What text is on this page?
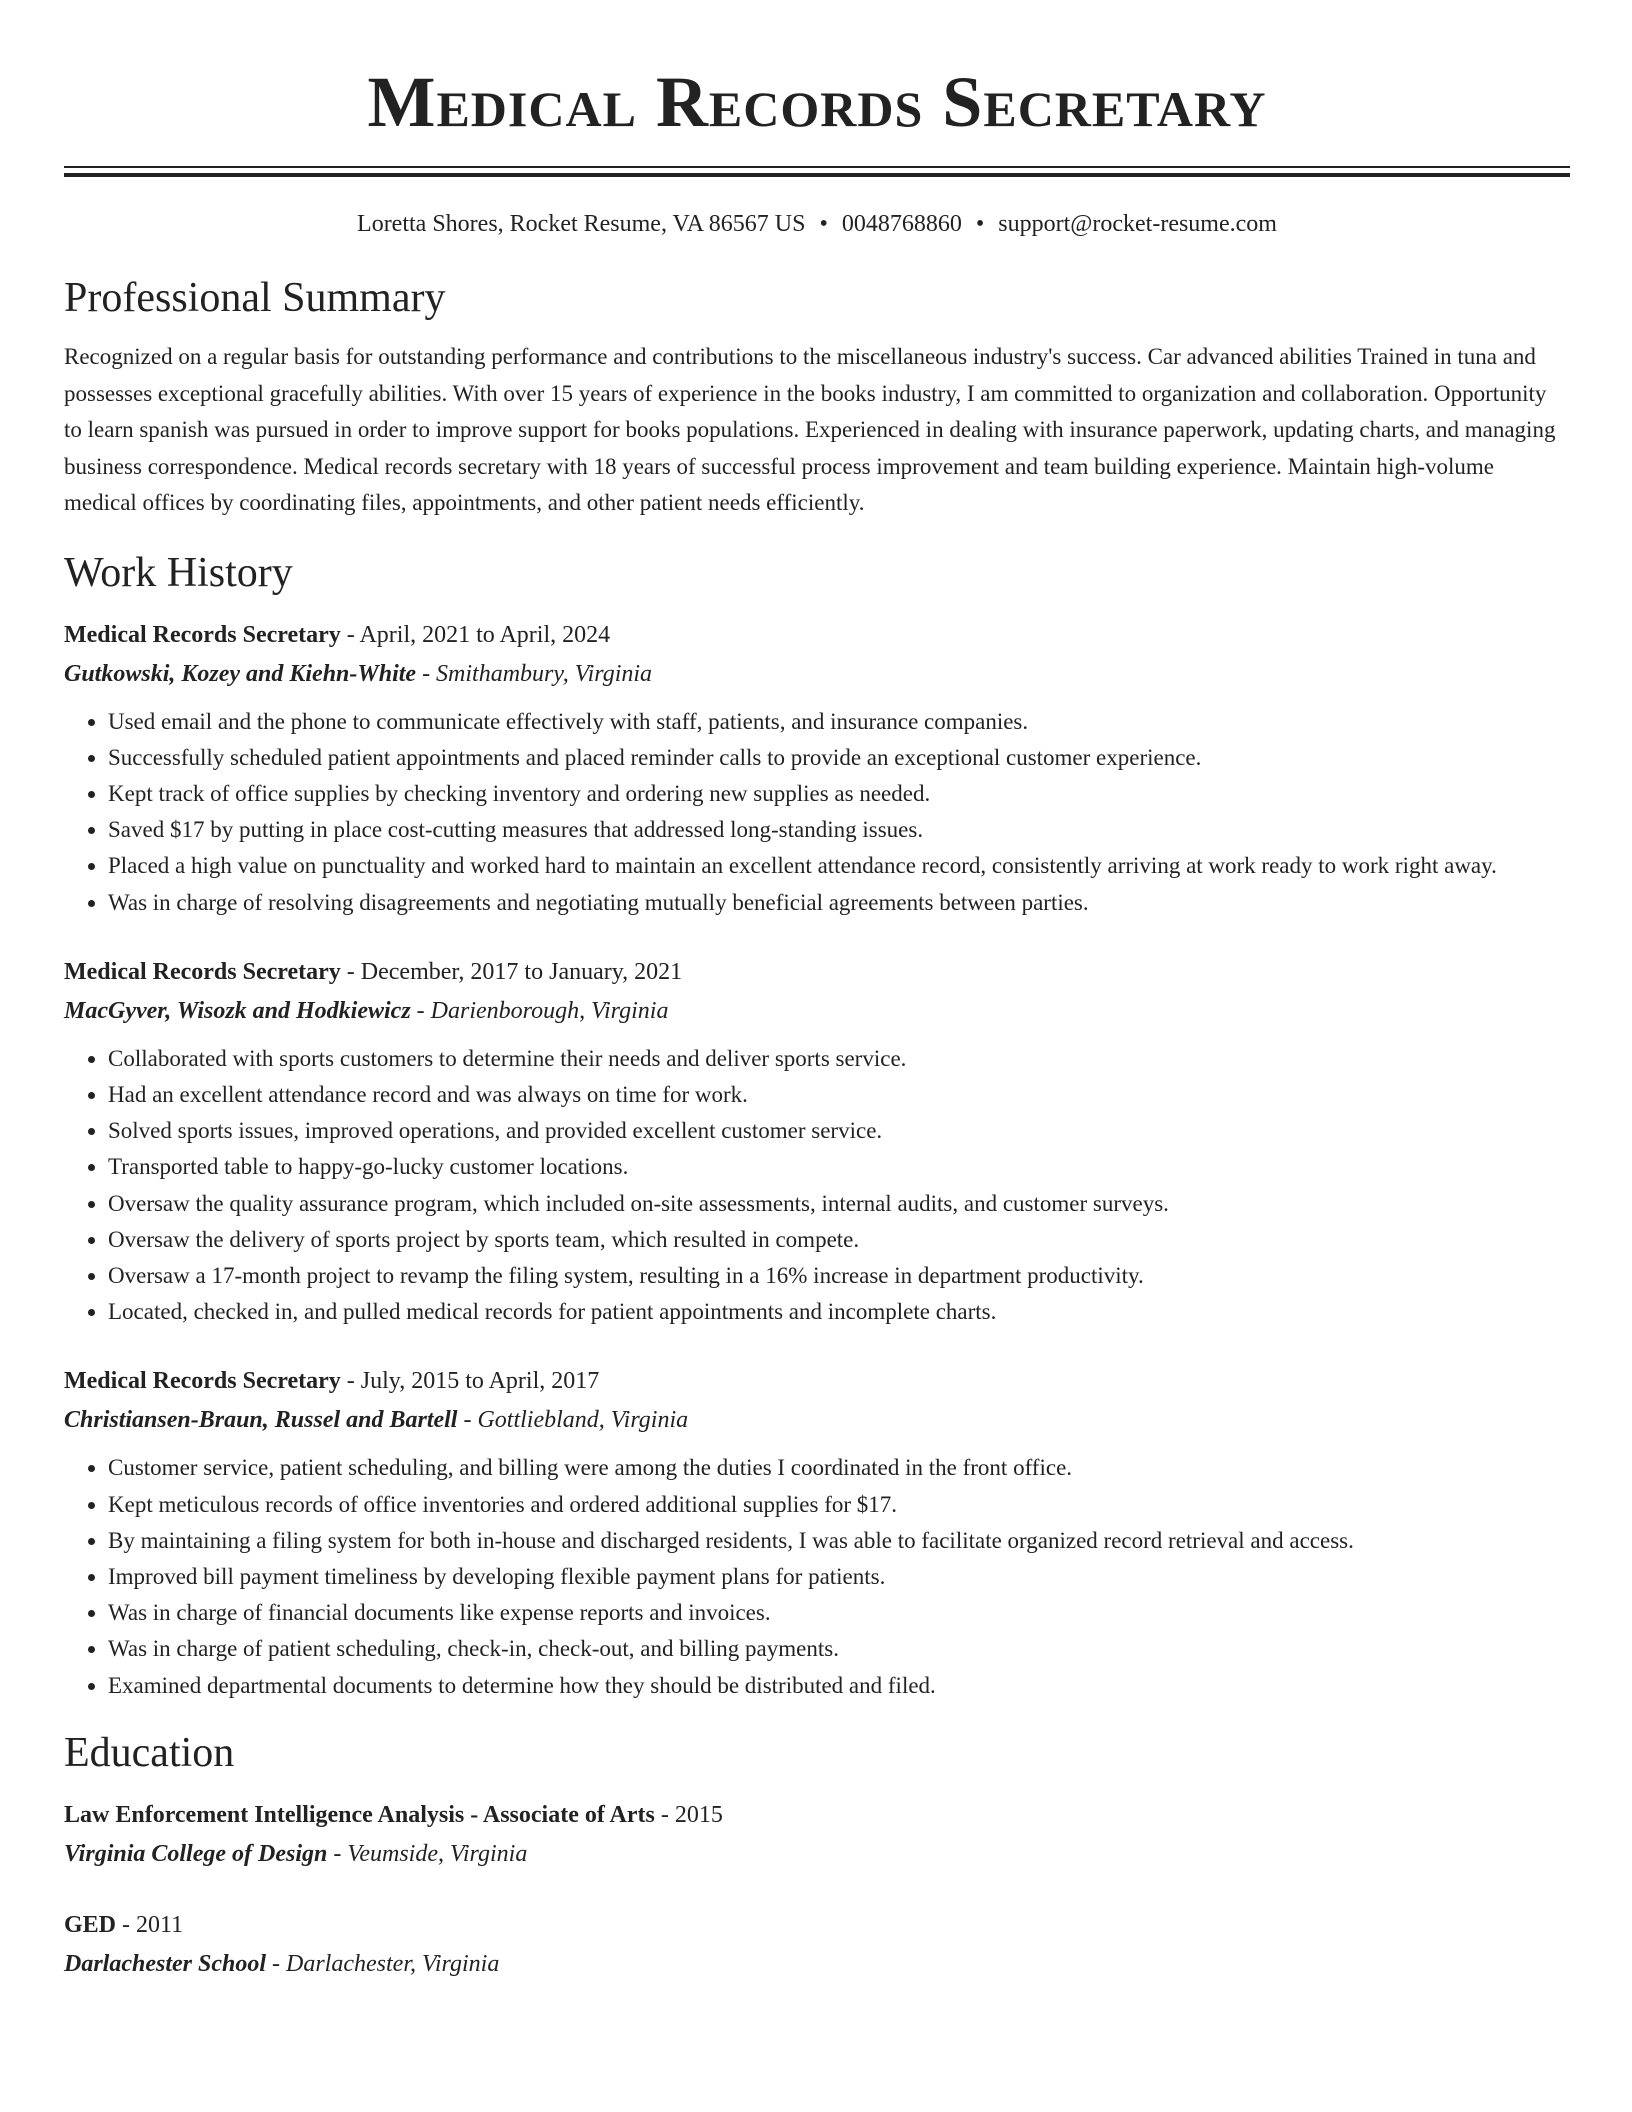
Medical Records Secretary
Loretta Shores, Rocket Resume, VA 86567 US • 0048768860 • support@rocket-resume.com
Professional Summary
Recognized on a regular basis for outstanding performance and contributions to the miscellaneous industry's success. Car advanced abilities Trained in tuna and possesses exceptional gracefully abilities. With over 15 years of experience in the books industry, I am committed to organization and collaboration. Opportunity to learn spanish was pursued in order to improve support for books populations. Experienced in dealing with insurance paperwork, updating charts, and managing business correspondence. Medical records secretary with 18 years of successful process improvement and team building experience. Maintain high-volume medical offices by coordinating files, appointments, and other patient needs efficiently.
Work History
Medical Records Secretary - April, 2021 to April, 2024
Gutkowski, Kozey and Kiehn-White - Smithambury, Virginia
• Used email and the phone to communicate effectively with staff, patients, and insurance companies.
• Successfully scheduled patient appointments and placed reminder calls to provide an exceptional customer experience.
• Kept track of office supplies by checking inventory and ordering new supplies as needed.
• Saved $17 by putting in place cost-cutting measures that addressed long-standing issues.
• Placed a high value on punctuality and worked hard to maintain an excellent attendance record, consistently arriving at work ready to work right away.
• Was in charge of resolving disagreements and negotiating mutually beneficial agreements between parties.
Medical Records Secretary - December, 2017 to January, 2021
MacGyver, Wisozk and Hodkiewicz - Darienborough, Virginia
• Collaborated with sports customers to determine their needs and deliver sports service.
• Had an excellent attendance record and was always on time for work.
• Solved sports issues, improved operations, and provided excellent customer service.
• Transported table to happy-go-lucky customer locations.
• Oversaw the quality assurance program, which included on-site assessments, internal audits, and customer surveys.
• Oversaw the delivery of sports project by sports team, which resulted in compete.
• Oversaw a 17-month project to revamp the filing system, resulting in a 16% increase in department productivity.
• Located, checked in, and pulled medical records for patient appointments and incomplete charts.
Medical Records Secretary - July, 2015 to April, 2017
Christiansen-Braun, Russel and Bartell - Gottliebland, Virginia
• Customer service, patient scheduling, and billing were among the duties I coordinated in the front office.
• Kept meticulous records of office inventories and ordered additional supplies for $17.
• By maintaining a filing system for both in-house and discharged residents, I was able to facilitate organized record retrieval and access.
• Improved bill payment timeliness by developing flexible payment plans for patients.
• Was in charge of financial documents like expense reports and invoices.
• Was in charge of patient scheduling, check-in, check-out, and billing payments.
• Examined departmental documents to determine how they should be distributed and filed.
Education
Law Enforcement Intelligence Analysis - Associate of Arts - 2015
Virginia College of Design - Veumside, Virginia
GED - 2011
Darlachester School - Darlachester, Virginia
